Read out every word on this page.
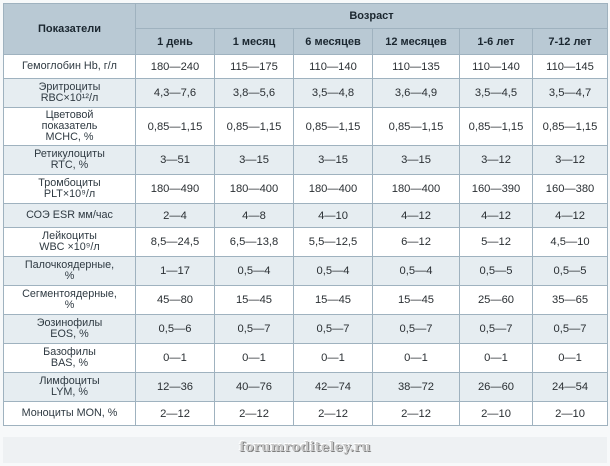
Показатели	Возраст					
	1 день	1 месяц	6 месяцев	12 месяцев	1-6 лет	7-12 лет

Гемоглобин Hb, г/л	180—240	115—175	110—140	110—135	110—140	110—145

Эритроциты
RBC×10¹²/л	4,3—7,6	3,8—5,6	3,5—4,8	3,6—4,9	3,5—4,5	3,5—4,7

Цветовой
показатель
MCHC, %	0,85—1,15	0,85—1,15	0,85—1,15	0,85—1,15	0,85—1,15	0,85—1,15

Ретикулоциты
RTC, %	3—51	3—15	3—15	3—15	3—12	3—12

Тромбоциты
PLT×10⁹/л	180—490	180—400	180—400	180—400	160—390	160—380

СОЭ ESR мм/час	2—4	4—8	4—10	4—12	4—12	4—12

Лейкоциты
WBC ×10⁹/л	8,5—24,5	6,5—13,8	5,5—12,5	6—12	5—12	4,5—10

Палочкоядерные,
%	1—17	0,5—4	0,5—4	0,5—4	0,5—5	0,5—5

Сегментоядерные,
%	45—80	15—45	15—45	15—45	25—60	35—65

Эозинофилы
EOS, %	0,5—6	0,5—7	0,5—7	0,5—7	0,5—7	0,5—7

Базофилы
BAS, %	0—1	0—1	0—1	0—1	0—1	0—1

Лимфоциты
LYM, %	12—36	40—76	42—74	38—72	26—60	24—54

Моноциты MON, %	2—12	2—12	2—12	2—12	2—10	2—10
forumroditeley.ru
